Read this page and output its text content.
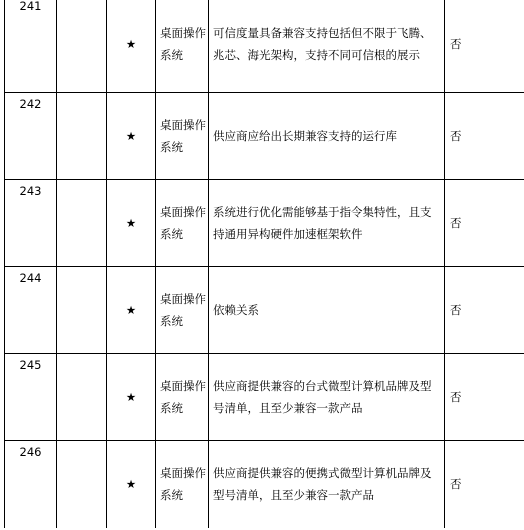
241		★	桌面操作系统	可信度量具备兼容支持包括但不限于飞腾、兆芯、海光架构，支持不同可信根的展示	否

242		★	桌面操作系统	供应商应给出长期兼容支持的运行库	否

243		★	桌面操作系统	系统进行优化需能够基于指令集特性，且支持通用异构硬件加速框架软件	否

244		★	桌面操作系统	依赖关系	否

245		★	桌面操作系统	供应商提供兼容的台式微型计算机品牌及型号清单，且至少兼容一款产品	否

246		★	桌面操作系统	供应商提供兼容的便携式微型计算机品牌及型号清单，且至少兼容一款产品	否
